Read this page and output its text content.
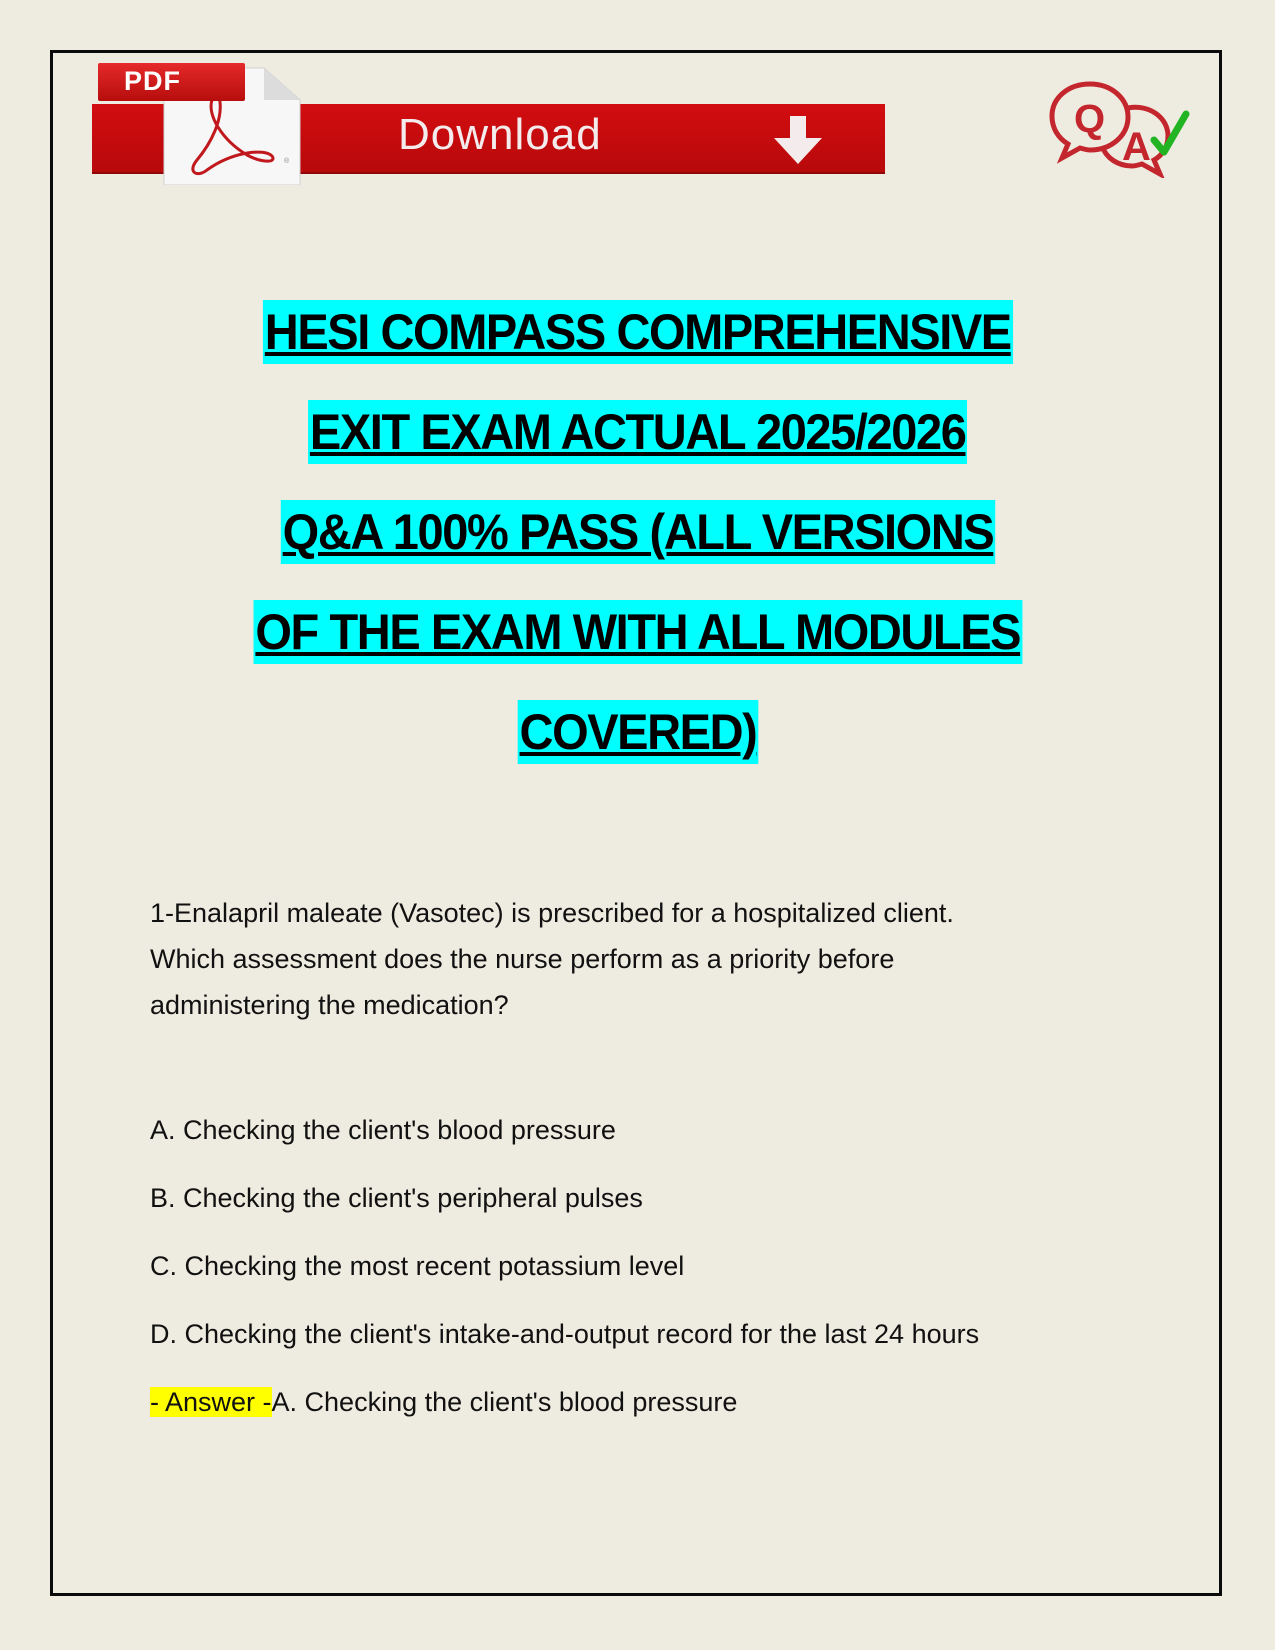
®
PDF
Download	Q
A
HESI COMPASS COMPREHENSIVE
EXIT EXAM ACTUAL 2025/2026
Q&A 100% PASS (ALL VERSIONS
OF THE EXAM WITH ALL MODULES
COVERED)

1-Enalapril maleate (Vasotec) is prescribed for a hospitalized client.

Which assessment does the nurse perform as a priority before

administering the medication?

A. Checking the client's blood pressure

B. Checking the client's peripheral pulses

C. Checking the most recent potassium level

D. Checking the client's intake-and-output record for the last 24 hours

- Answer -A. Checking the client's blood pressure
